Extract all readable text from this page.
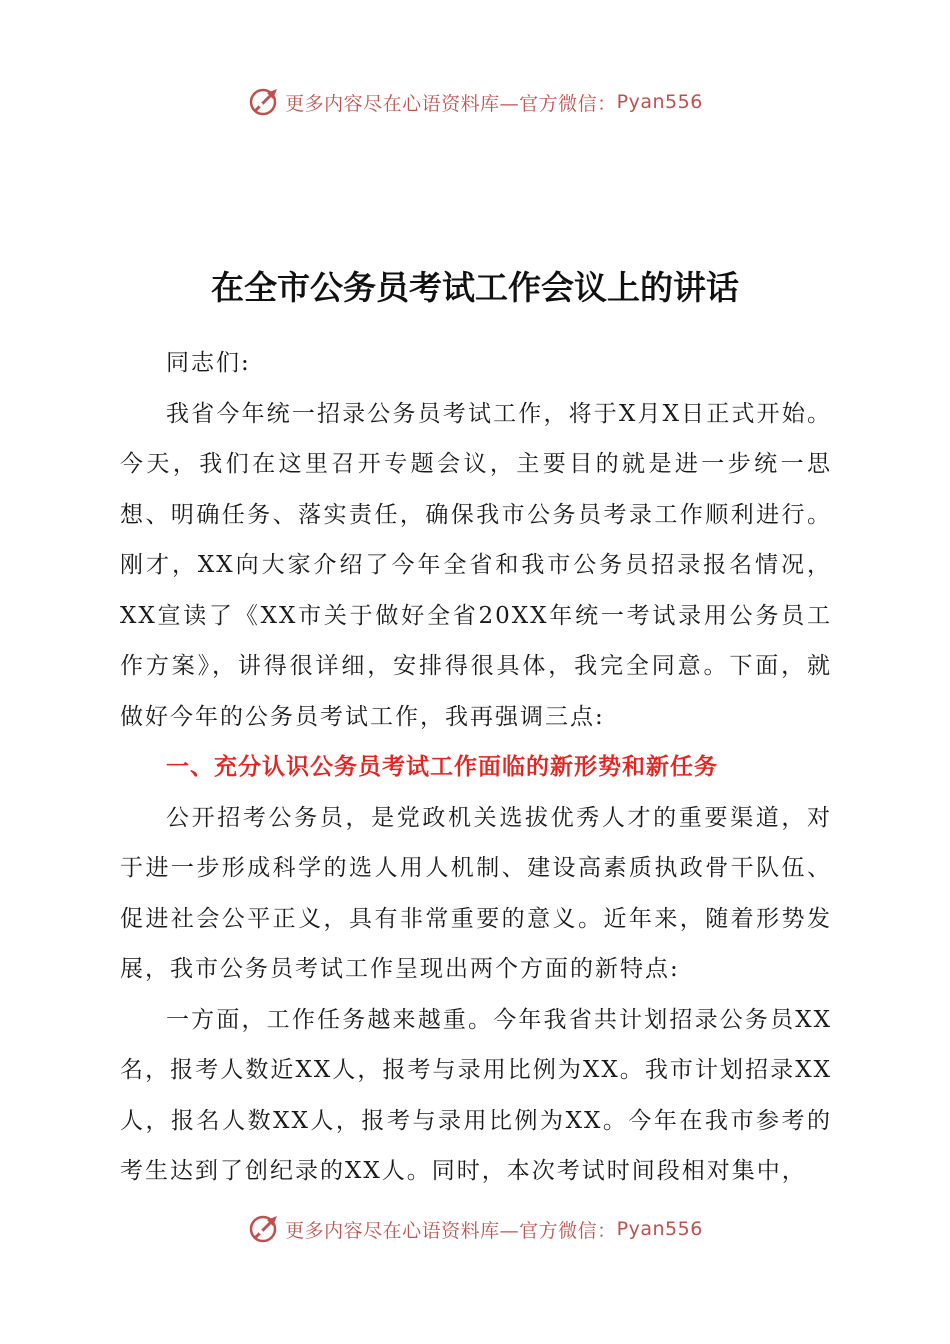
更多内容尽在心语资料库—官方微信： Pyan556
在全市公务员考试工作会议上的讲话

同志们:

我省今年统一招录公务员考试工作，将于X月X日正式开始。今天，我们在这里召开专题会议，主要目的就是进一步统一思想、明确任务、落实责任，确保我市公务员考录工作顺利进行。刚才，XX向大家介绍了今年全省和我市公务员招录报名情况，XX宣读了《XX市关于做好全省20XX年统一考试录用公务员工作方案》，讲得很详细，安排得很具体，我完全同意。下面，就做好今年的公务员考试工作，我再强调三点:

一、充分认识公务员考试工作面临的新形势和新任务

公开招考公务员，是党政机关选拔优秀人才的重要渠道，对于进一步形成科学的选人用人机制、建设高素质执政骨干队伍、促进社会公平正义，具有非常重要的意义。近年来，随着形势发展，我市公务员考试工作呈现出两个方面的新特点:

一方面，工作任务越来越重。今年我省共计划招录公务员XX名，报考人数近XX人，报考与录用比例为XX。我市计划招录XX人，报名人数XX人，报考与录用比例为XX。今年在我市参考的考生达到了创纪录的XX人。同时，本次考试时间段相对集中，

更多内容尽在心语资料库—官方微信： Pyan556
